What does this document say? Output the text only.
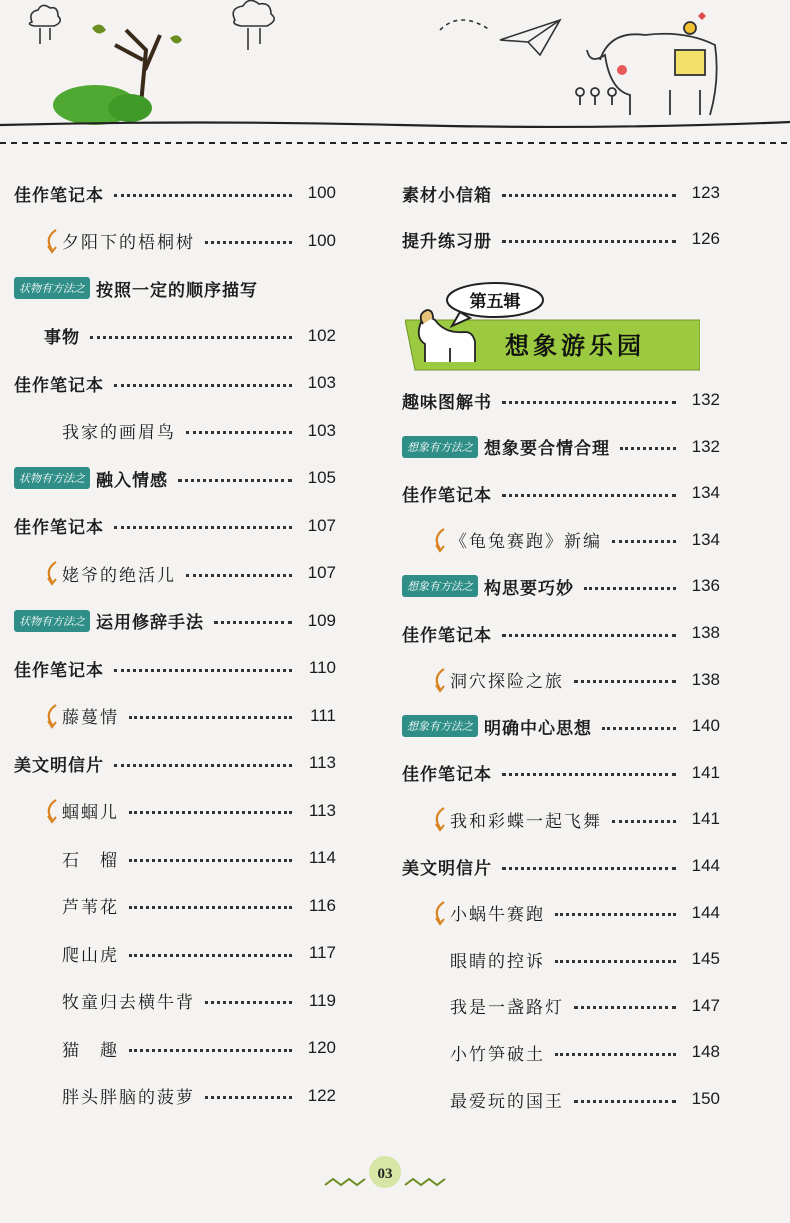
佳作笔记本	100
夕阳下的梧桐树	100
状物有方法之 按照一定的顺序描写
事物	102
佳作笔记本	103
我家的画眉鸟	103
状物有方法之 融入情感	105
佳作笔记本	107
姥爷的绝活儿	107
状物有方法之 运用修辞手法	109
佳作笔记本	110
藤蔓情	111
美文明信片	113
蝈蝈儿	113
石　榴	114
芦苇花	116
爬山虎	117
牧童归去横牛背	119
猫　趣	120
胖头胖脑的菠萝	122
素材小信箱	123
提升练习册	126
趣味图解书	132
想象有方法之 想象要合情合理	132
佳作笔记本	134
《龟兔赛跑》新编	134
想象有方法之 构思要巧妙	136
佳作笔记本	138
洞穴探险之旅	138
想象有方法之 明确中心思想	140
佳作笔记本	141
我和彩蝶一起飞舞	141
美文明信片	144
小蜗牛赛跑	144
眼睛的控诉	145
我是一盏路灯	147
小竹笋破土	148
最爱玩的国王	150
第五辑
想象游乐园
03
